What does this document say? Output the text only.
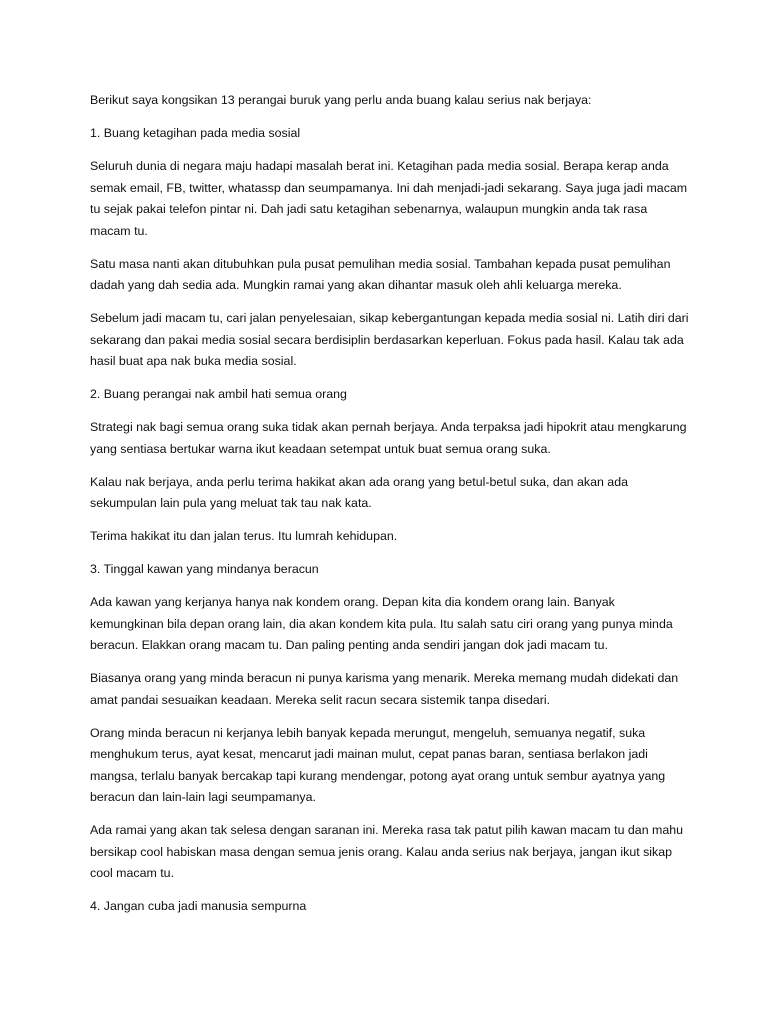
Berikut saya kongsikan 13 perangai buruk yang perlu anda buang kalau serius nak berjaya:

1. Buang ketagihan pada media sosial

Seluruh dunia di negara maju hadapi masalah berat ini. Ketagihan pada media sosial. Berapa kerap anda semak email, FB, twitter, whatassp dan seumpamanya. Ini dah menjadi-jadi sekarang. Saya juga jadi macam tu sejak pakai telefon pintar ni. Dah jadi satu ketagihan sebenarnya, walaupun mungkin anda tak rasa macam tu.

Satu masa nanti akan ditubuhkan pula pusat pemulihan media sosial. Tambahan kepada pusat pemulihan dadah yang dah sedia ada. Mungkin ramai yang akan dihantar masuk oleh ahli keluarga mereka.

Sebelum jadi macam tu, cari jalan penyelesaian, sikap kebergantungan kepada media sosial ni. Latih diri dari sekarang dan pakai media sosial secara berdisiplin berdasarkan keperluan. Fokus pada hasil. Kalau tak ada hasil buat apa nak buka media sosial.

2. Buang perangai nak ambil hati semua orang

Strategi nak bagi semua orang suka tidak akan pernah berjaya. Anda terpaksa jadi hipokrit atau mengkarung yang sentiasa bertukar warna ikut keadaan setempat untuk buat semua orang suka.

Kalau nak berjaya, anda perlu terima hakikat akan ada orang yang betul-betul suka, dan akan ada sekumpulan lain pula yang meluat tak tau nak kata.

Terima hakikat itu dan jalan terus. Itu lumrah kehidupan.

3. Tinggal kawan yang mindanya beracun

Ada kawan yang kerjanya hanya nak kondem orang. Depan kita dia kondem orang lain. Banyak kemungkinan bila depan orang lain, dia akan kondem kita pula. Itu salah satu ciri orang yang punya minda beracun. Elakkan orang macam tu. Dan paling penting anda sendiri jangan dok jadi macam tu.

Biasanya orang yang minda beracun ni punya karisma yang menarik. Mereka memang mudah didekati dan amat pandai sesuaikan keadaan. Mereka selit racun secara sistemik tanpa disedari.

Orang minda beracun ni kerjanya lebih banyak kepada merungut, mengeluh, semuanya negatif, suka menghukum terus, ayat kesat, mencarut jadi mainan mulut, cepat panas baran, sentiasa berlakon jadi mangsa, terlalu banyak bercakap tapi kurang mendengar, potong ayat orang untuk sembur ayatnya yang beracun dan lain-lain lagi seumpamanya.

Ada ramai yang akan tak selesa dengan saranan ini. Mereka rasa tak patut pilih kawan macam tu dan mahu bersikap cool habiskan masa dengan semua jenis orang. Kalau anda serius nak berjaya, jangan ikut sikap cool macam tu.

4. Jangan cuba jadi manusia sempurna
